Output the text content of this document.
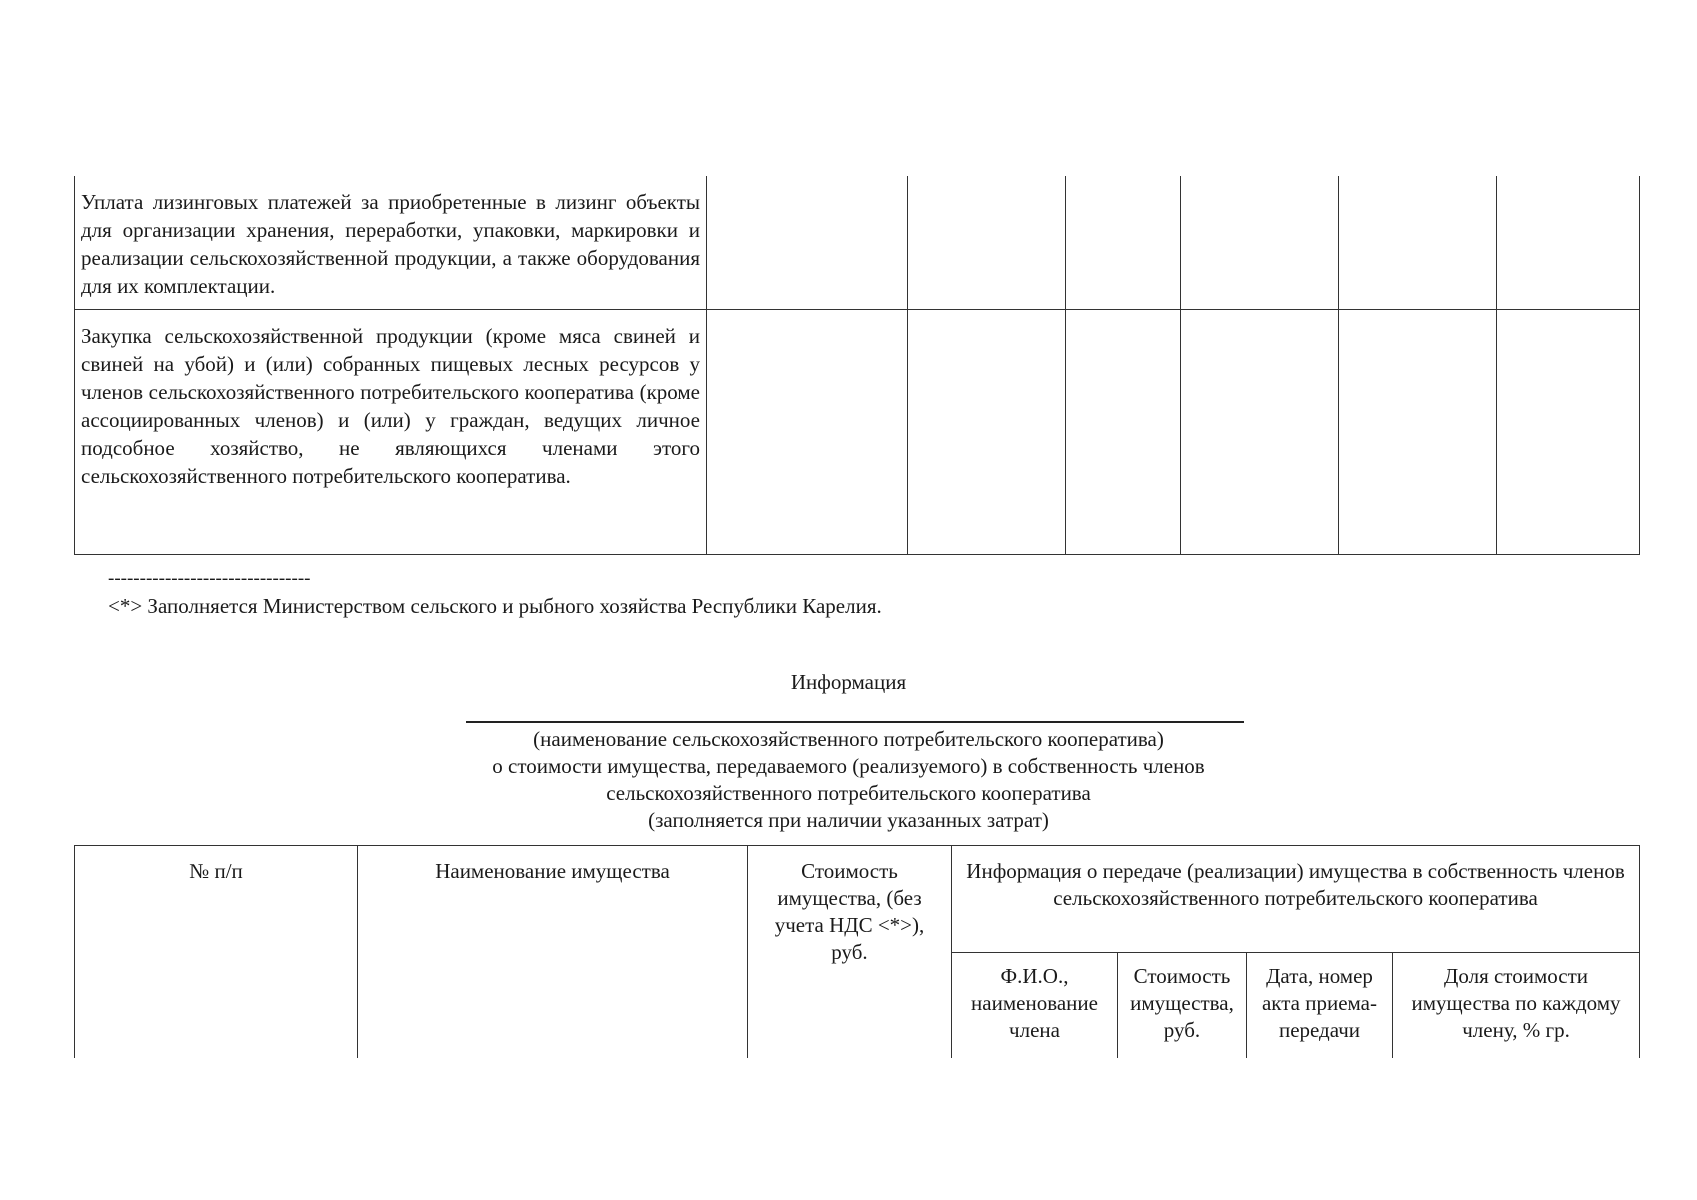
Уплата лизинговых платежей за приобретенные в лизинг объекты для организации хранения, переработки, упаковки, маркировки и реализации сельскохозяйственной продукции, а также оборудования для их комплектации.						
Закупка сельскохозяйственной продукции (кроме мяса свиней и свиней на убой) и (или) собранных пищевых лесных ресурсов у членов сельскохозяйственного потребительского кооператива (кроме ассоциированных членов) и (или) у граждан, ведущих личное подсобное хозяйство, не являющихся членами этого сельскохозяйственного потребительского кооператива.						
--------------------------------
<*> Заполняется Министерством сельского и рыбного хозяйства Республики Карелия.
Информация
(наименование сельскохозяйственного потребительского кооператива)
о стоимости имущества, передаваемого (реализуемого) в собственность членов
сельскохозяйственного потребительского кооператива
(заполняется при наличии указанных затрат)
№ п/п	Наименование имущества	Стоимость имущества, (без учета НДС <*>), руб.	Информация о передаче (реализации) имущества в собственность членов сельскохозяйственного потребительского кооператива			
			Ф.И.О., наименование члена	Стоимость имущества, руб.	Дата, номер акта приема-передачи	Доля стоимости имущества по каждому члену, % гр.
